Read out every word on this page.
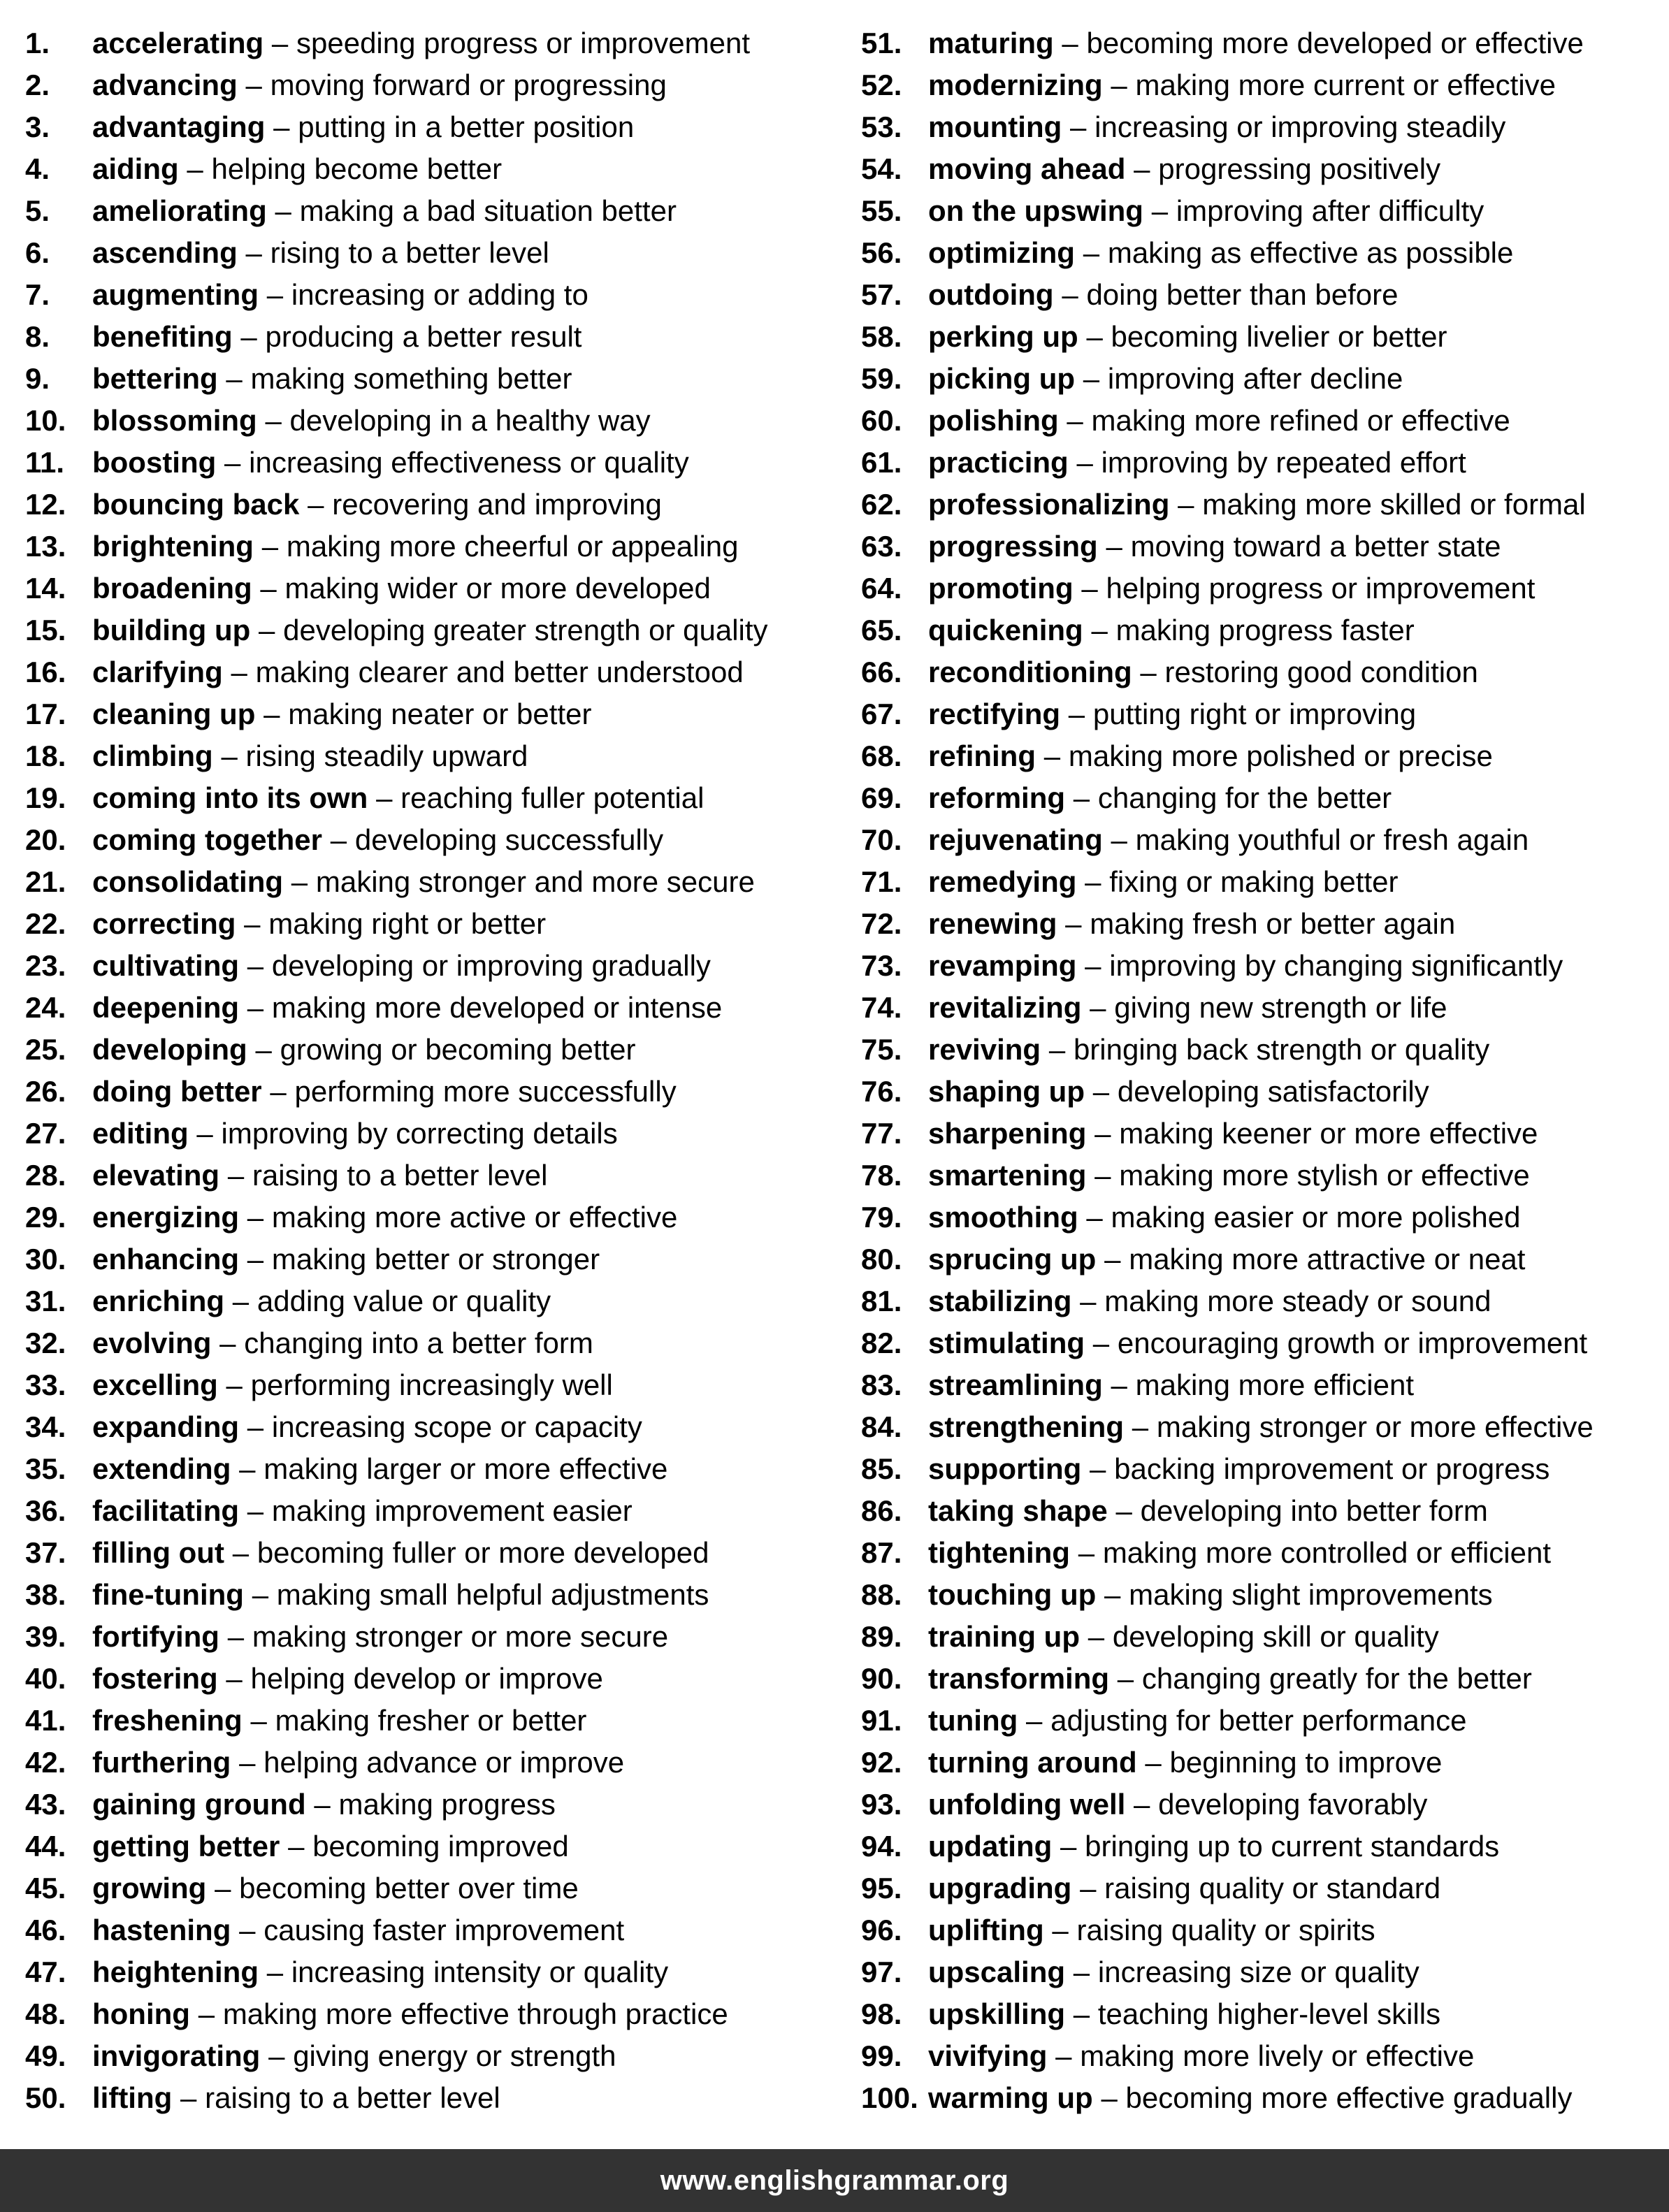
1.	accelerating – speeding progress or improvement
2.	advancing – moving forward or progressing
3.	advantaging – putting in a better position
4.	aiding – helping become better
5.	ameliorating – making a bad situation better
6.	ascending – rising to a better level
7.	augmenting – increasing or adding to
8.	benefiting – producing a better result
9.	bettering – making something better
10. blossoming – developing in a healthy way
11. boosting – increasing effectiveness or quality
12. bouncing back – recovering and improving
13. brightening – making more cheerful or appealing
14. broadening – making wider or more developed
15. building up – developing greater strength or quality
16. clarifying – making clearer and better understood
17. cleaning up – making neater or better
18. climbing – rising steadily upward
19. coming into its own – reaching fuller potential
20. coming together – developing successfully
21. consolidating – making stronger and more secure
22. correcting – making right or better
23. cultivating – developing or improving gradually
24. deepening – making more developed or intense
25. developing – growing or becoming better
26. doing better – performing more successfully
27. editing – improving by correcting details
28. elevating – raising to a better level
29. energizing – making more active or effective
30. enhancing – making better or stronger
31. enriching – adding value or quality
32. evolving – changing into a better form
33. excelling – performing increasingly well
34. expanding – increasing scope or capacity
35. extending – making larger or more effective
36. facilitating – making improvement easier
37. filling out – becoming fuller or more developed
38. fine-tuning – making small helpful adjustments
39. fortifying – making stronger or more secure
40. fostering – helping develop or improve
41. freshening – making fresher or better
42. furthering – helping advance or improve
43. gaining ground – making progress
44. getting better – becoming improved
45. growing – becoming better over time
46. hastening – causing faster improvement
47. heightening – increasing intensity or quality
48. honing – making more effective through practice
49. invigorating – giving energy or strength
50. lifting – raising to a better level
51. maturing – becoming more developed or effective
52. modernizing – making more current or effective
53. mounting – increasing or improving steadily
54. moving ahead – progressing positively
55. on the upswing – improving after difficulty
56. optimizing – making as effective as possible
57. outdoing – doing better than before
58. perking up – becoming livelier or better
59. picking up – improving after decline
60. polishing – making more refined or effective
61. practicing – improving by repeated effort
62. professionalizing – making more skilled or formal
63. progressing – moving toward a better state
64. promoting – helping progress or improvement
65. quickening – making progress faster
66. reconditioning – restoring good condition
67. rectifying – putting right or improving
68. refining – making more polished or precise
69. reforming – changing for the better
70. rejuvenating – making youthful or fresh again
71. remedying – fixing or making better
72. renewing – making fresh or better again
73. revamping – improving by changing significantly
74. revitalizing – giving new strength or life
75. reviving – bringing back strength or quality
76. shaping up – developing satisfactorily
77. sharpening – making keener or more effective
78. smartening – making more stylish or effective
79. smoothing – making easier or more polished
80. sprucing up – making more attractive or neat
81. stabilizing – making more steady or sound
82. stimulating – encouraging growth or improvement
83. streamlining – making more efficient
84. strengthening – making stronger or more effective
85. supporting – backing improvement or progress
86. taking shape – developing into better form
87. tightening – making more controlled or efficient
88. touching up – making slight improvements
89. training up – developing skill or quality
90. transforming – changing greatly for the better
91. tuning – adjusting for better performance
92. turning around – beginning to improve
93. unfolding well – developing favorably
94. updating – bringing up to current standards
95. upgrading – raising quality or standard
96. uplifting – raising quality or spirits
97. upscaling – increasing size or quality
98. upskilling – teaching higher-level skills
99. vivifying – making more lively or effective
100. warming up – becoming more effective gradually
www.englishgrammar.org
